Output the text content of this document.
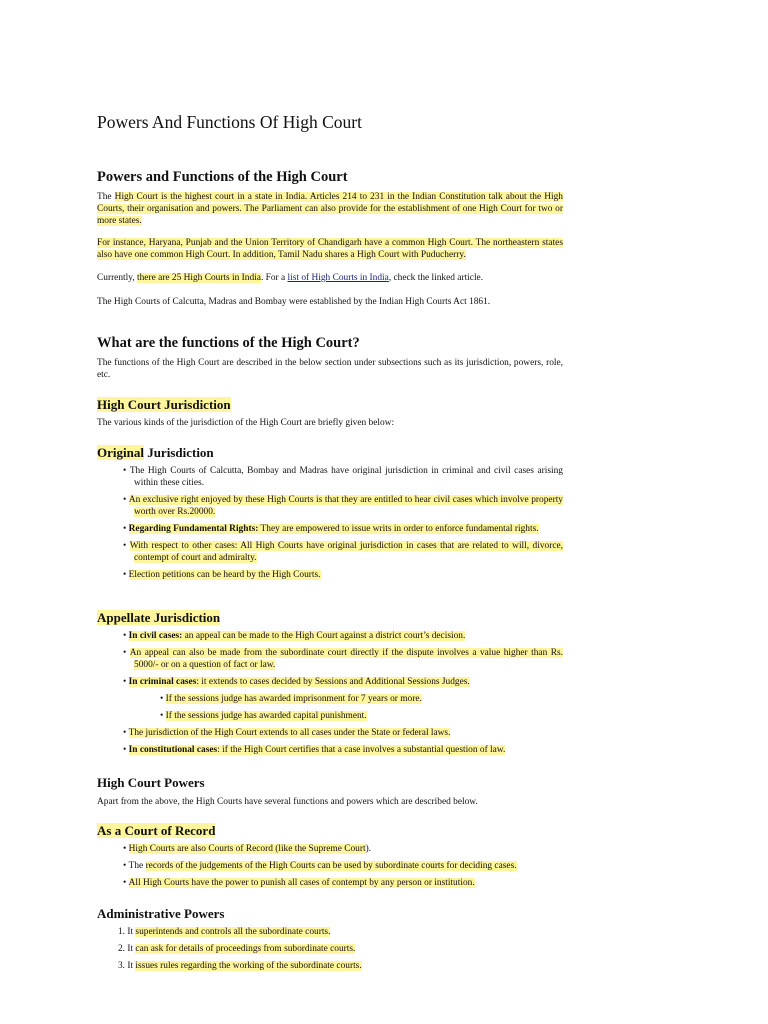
Powers And Functions Of High Court
Powers and Functions of the High Court

The High Court is the highest court in a state in India. Articles 214 to 231 in the Indian Constitution talk about the High Courts, their organisation and powers. The Parliament can also provide for the establishment of one High Court for two or more states.

For instance, Haryana, Punjab and the Union Territory of Chandigarh have a common High Court. The northeastern states also have one common High Court. In addition, Tamil Nadu shares a High Court with Puducherry.

Currently, there are 25 High Courts in India. For a list of High Courts in India, check the linked article.

The High Courts of Calcutta, Madras and Bombay were established by the Indian High Courts Act 1861.

What are the functions of the High Court?

The functions of the High Court are described in the below section under subsections such as its jurisdiction, powers, role, etc.

High Court Jurisdiction

The various kinds of the jurisdiction of the High Court are briefly given below:

Original Jurisdiction
• The High Courts of Calcutta, Bombay and Madras have original jurisdiction in criminal and civil cases arising within these cities.
• An exclusive right enjoyed by these High Courts is that they are entitled to hear civil cases which involve property worth over Rs.20000.
• Regarding Fundamental Rights: They are empowered to issue writs in order to enforce fundamental rights.
• With respect to other cases: All High Courts have original jurisdiction in cases that are related to will, divorce, contempt of court and admiralty.
• Election petitions can be heard by the High Courts.
Appellate Jurisdiction
• In civil cases: an appeal can be made to the High Court against a district court’s decision.
• An appeal can also be made from the subordinate court directly if the dispute involves a value higher than Rs. 5000/- or on a question of fact or law.
• In criminal cases: it extends to cases decided by Sessions and Additional Sessions Judges.
• If the sessions judge has awarded imprisonment for 7 years or more.
• If the sessions judge has awarded capital punishment.
• The jurisdiction of the High Court extends to all cases under the State or federal laws.
• In constitutional cases: if the High Court certifies that a case involves a substantial question of law.
High Court Powers

Apart from the above, the High Courts have several functions and powers which are described below.

As a Court of Record
• High Courts are also Courts of Record (like the Supreme Court).
• The records of the judgements of the High Courts can be used by subordinate courts for deciding cases.
• All High Courts have the power to punish all cases of contempt by any person or institution.
Administrative Powers
1. It superintends and controls all the subordinate courts.
2. It can ask for details of proceedings from subordinate courts.
3. It issues rules regarding the working of the subordinate courts.
